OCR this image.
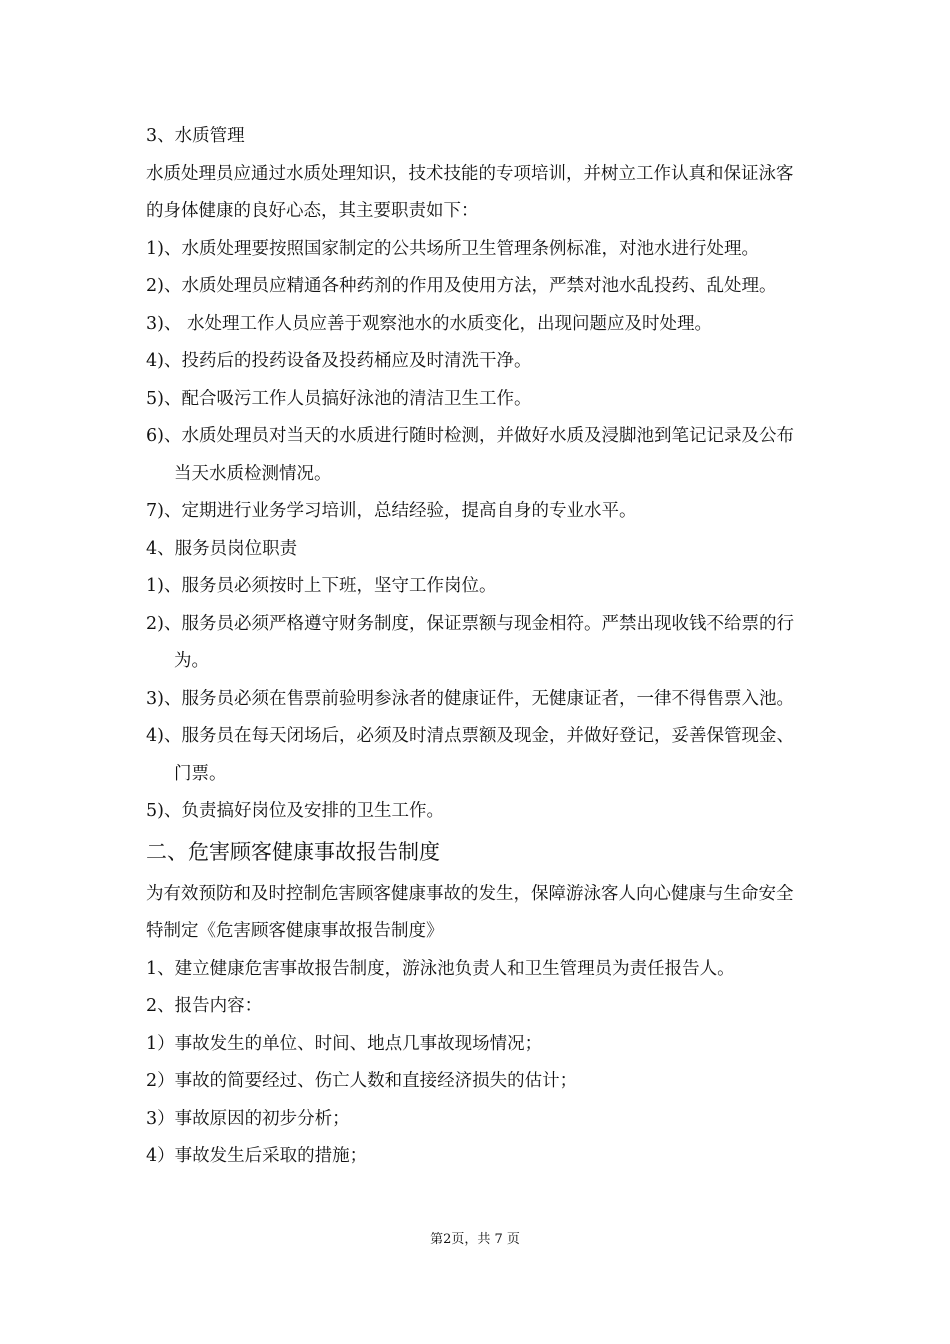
3、水质管理
水质处理员应通过水质处理知识，技术技能的专项培训，并树立工作认真和保证泳客的身体健康的良好心态，其主要职责如下：
1)、水质处理要按照国家制定的公共场所卫生管理条例标准，对池水进行处理。
2)、水质处理员应精通各种药剂的作用及使用方法，严禁对池水乱投药、乱处理。
3)、 水处理工作人员应善于观察池水的水质变化，出现问题应及时处理。
4)、投药后的投药设备及投药桶应及时清洗干净。
5)、配合吸污工作人员搞好泳池的清洁卫生工作。
6)、水质处理员对当天的水质进行随时检测，并做好水质及浸脚池到笔记记录及公布当天水质检测情况。
7)、定期进行业务学习培训，总结经验，提高自身的专业水平。
4、服务员岗位职责
1)、服务员必须按时上下班，坚守工作岗位。
2)、服务员必须严格遵守财务制度，保证票额与现金相符。严禁出现收钱不给票的行为。
3)、服务员必须在售票前验明参泳者的健康证件，无健康证者，一律不得售票入池。
4)、服务员在每天闭场后，必须及时清点票额及现金，并做好登记，妥善保管现金、门票。
5)、负责搞好岗位及安排的卫生工作。
二、危害顾客健康事故报告制度
为有效预防和及时控制危害顾客健康事故的发生，保障游泳客人向心健康与生命安全特制定《危害顾客健康事故报告制度》
1、建立健康危害事故报告制度，游泳池负责人和卫生管理员为责任报告人。
2、报告内容：
1）事故发生的单位、时间、地点几事故现场情况；
2）事故的简要经过、伤亡人数和直接经济损失的估计；
3）事故原因的初步分析；
4）事故发生后采取的措施；
第2页，共 7 页
